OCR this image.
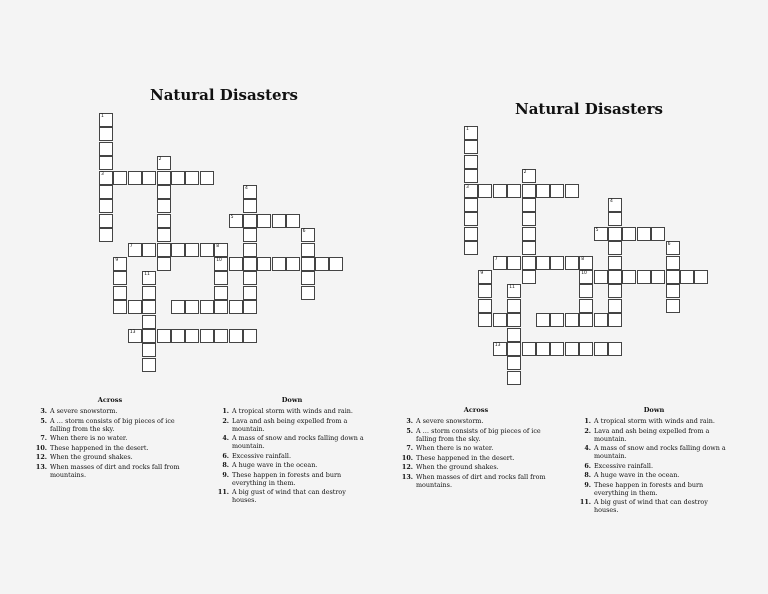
Natural Disasters
1
3
2
4
5
6
7	8
10
9
11
13
Across
3. A severe snowstorm.
5. A … storm consists of big pieces of ice falling from the sky.
7. When there is no water.
10. These happened in the desert.
12. When the ground shakes.
13. When masses of dirt and rocks fall from mountains.
Down
1. A tropical storm with winds and rain.
2. Lava and ash being expelled from a mountain.
4. A mass of snow and rocks falling down a mountain.
6. Excessive rainfall.
8. A huge wave in the ocean.
9. These happen in forests and burn everything in them.
11. A big gust of wind that can destroy houses.
Natural Disasters
1
3
2
4
5
6
7	8
10
9
11
13
Across
3. A severe snowstorm.
5. A … storm consists of big pieces of ice falling from the sky.
7. When there is no water.
10. These happened in the desert.
12. When the ground shakes.
13. When masses of dirt and rocks fall from mountains.
Down
1. A tropical storm with winds and rain.
2. Lava and ash being expelled from a mountain.
4. A mass of snow and rocks falling down a mountain.
6. Excessive rainfall.
8. A huge wave in the ocean.
9. These happen in forests and burn everything in them.
11. A big gust of wind that can destroy houses.
